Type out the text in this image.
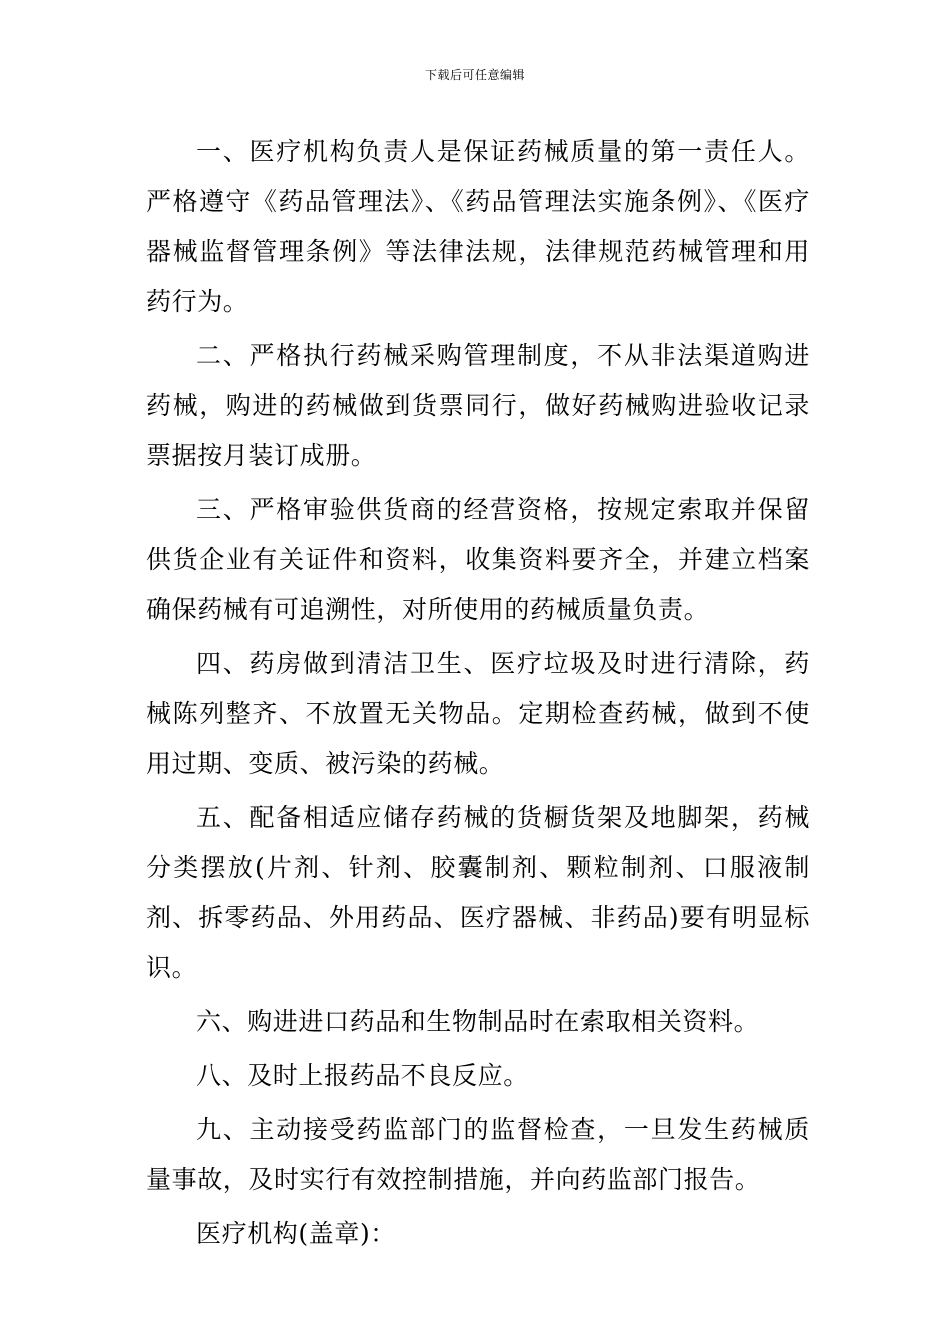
下载后可任意编辑

一、医疗机构负责人是保证药械质量的第一责任人。严格遵守《药品管理法》、《药品管理法实施条例》、《医疗器械监督管理条例》等法律法规，法律规范药械管理和用药行为。

二、严格执行药械采购管理制度，不从非法渠道购进药械，购进的药械做到货票同行，做好药械购进验收记录票据按月装订成册。

三、严格审验供货商的经营资格，按规定索取并保留供货企业有关证件和资料，收集资料要齐全，并建立档案确保药械有可追溯性，对所使用的药械质量负责。

四、药房做到清洁卫生、医疗垃圾及时进行清除，药械陈列整齐、不放置无关物品。定期检查药械，做到不使用过期、变质、被污染的药械。

五、配备相适应储存药械的货橱货架及地脚架，药械分类摆放(片剂、针剂、胶囊制剂、颗粒制剂、口服液制剂、拆零药品、外用药品、医疗器械、非药品)要有明显标识。

六、购进进口药品和生物制品时在索取相关资料。

八、及时上报药品不良反应。

九、主动接受药监部门的监督检查，一旦发生药械质量事故，及时实行有效控制措施，并向药监部门报告。

医疗机构(盖章)：
